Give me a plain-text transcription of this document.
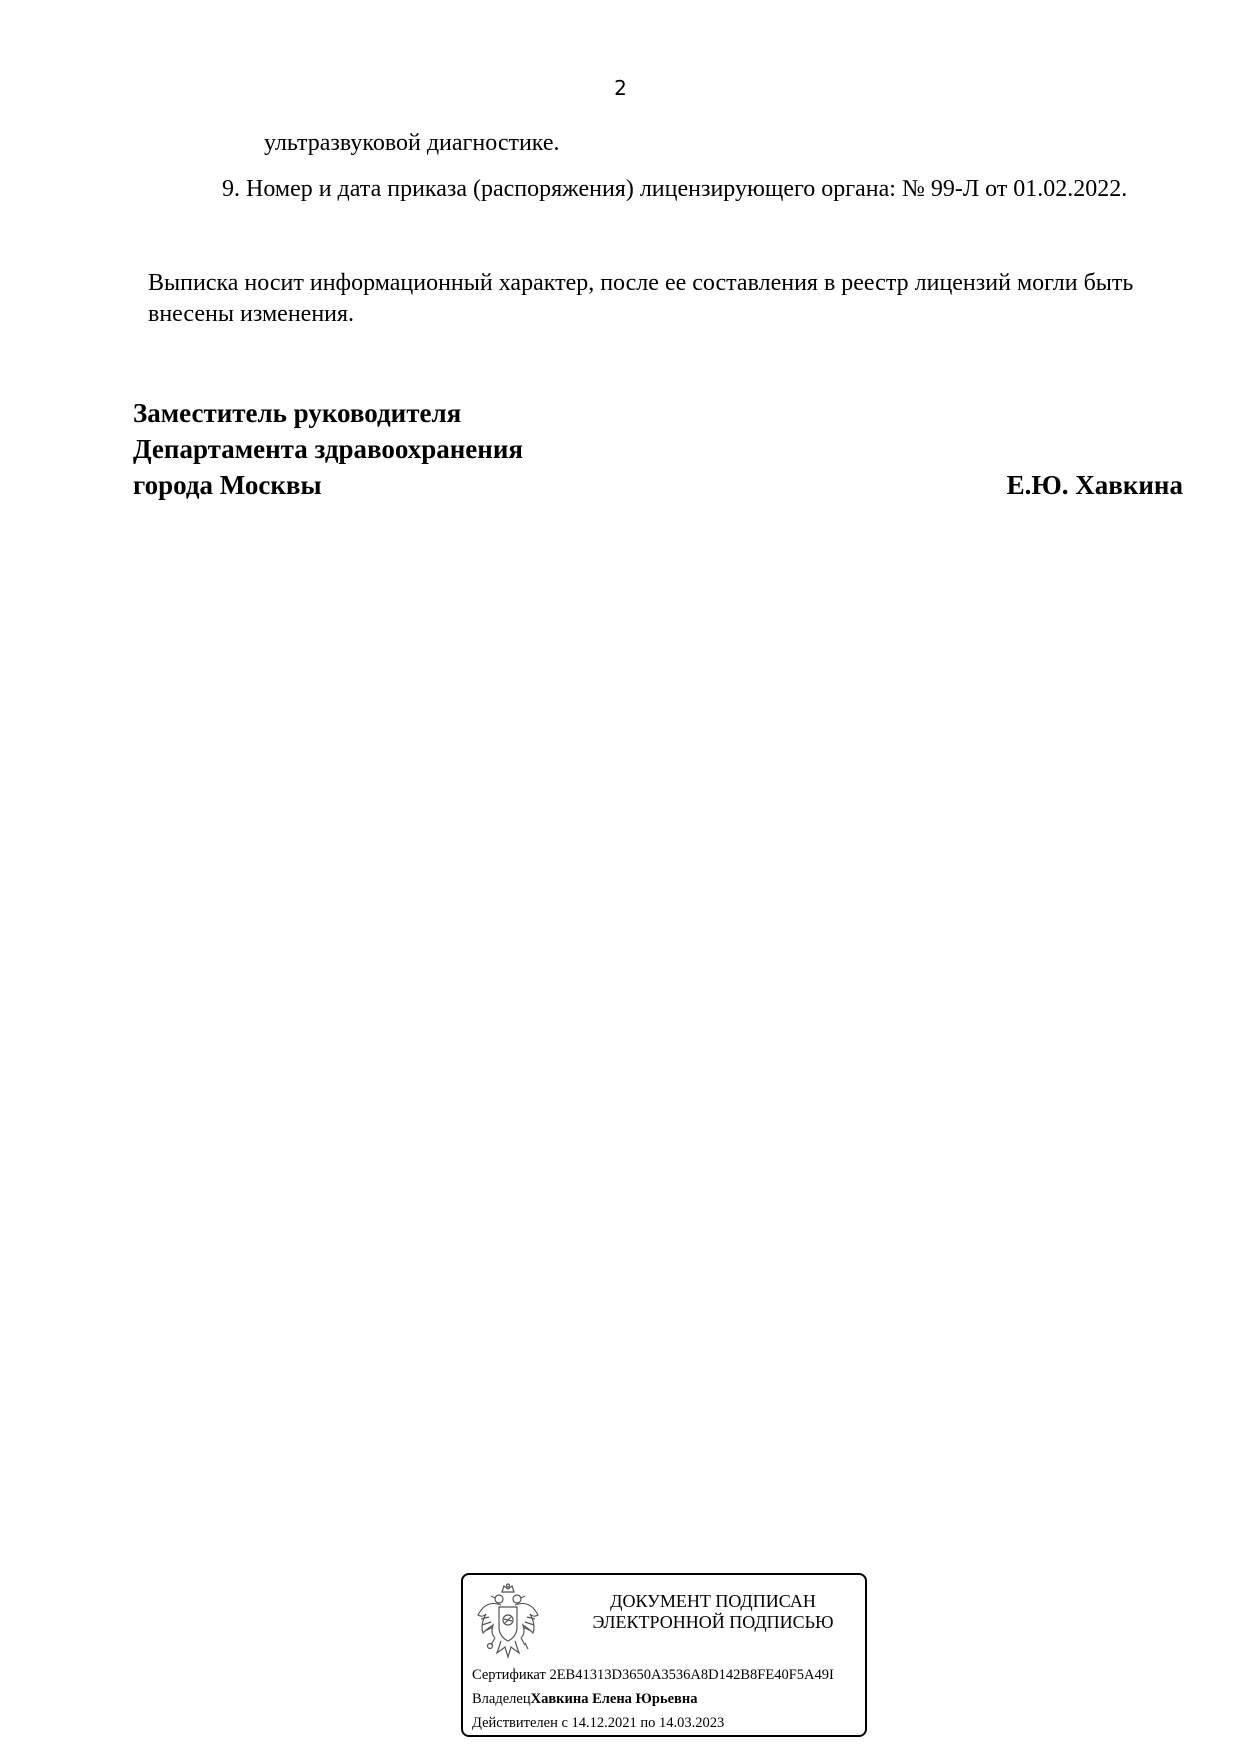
2
ультразвуковой диагностике.
9. Номер и дата приказа (распоряжения) лицензирующего органа: № 99-Л от 01.02.2022.
Выписка носит информационный характер, после ее составления в реестр лицензий могли быть внесены изменения.
Заместитель руководителя
Департамента здравоохранения
города Москвы	Е.Ю. Хавкина
ДОКУМЕНТ ПОДПИСАН
ЭЛЕКТРОННОЙ ПОДПИСЬЮ
Сертификат 2EB41313D3650A3536A8D142B8FE40F5A49I
ВладелецХавкина Елена Юрьевна
Действителен с 14.12.2021 по 14.03.2023
